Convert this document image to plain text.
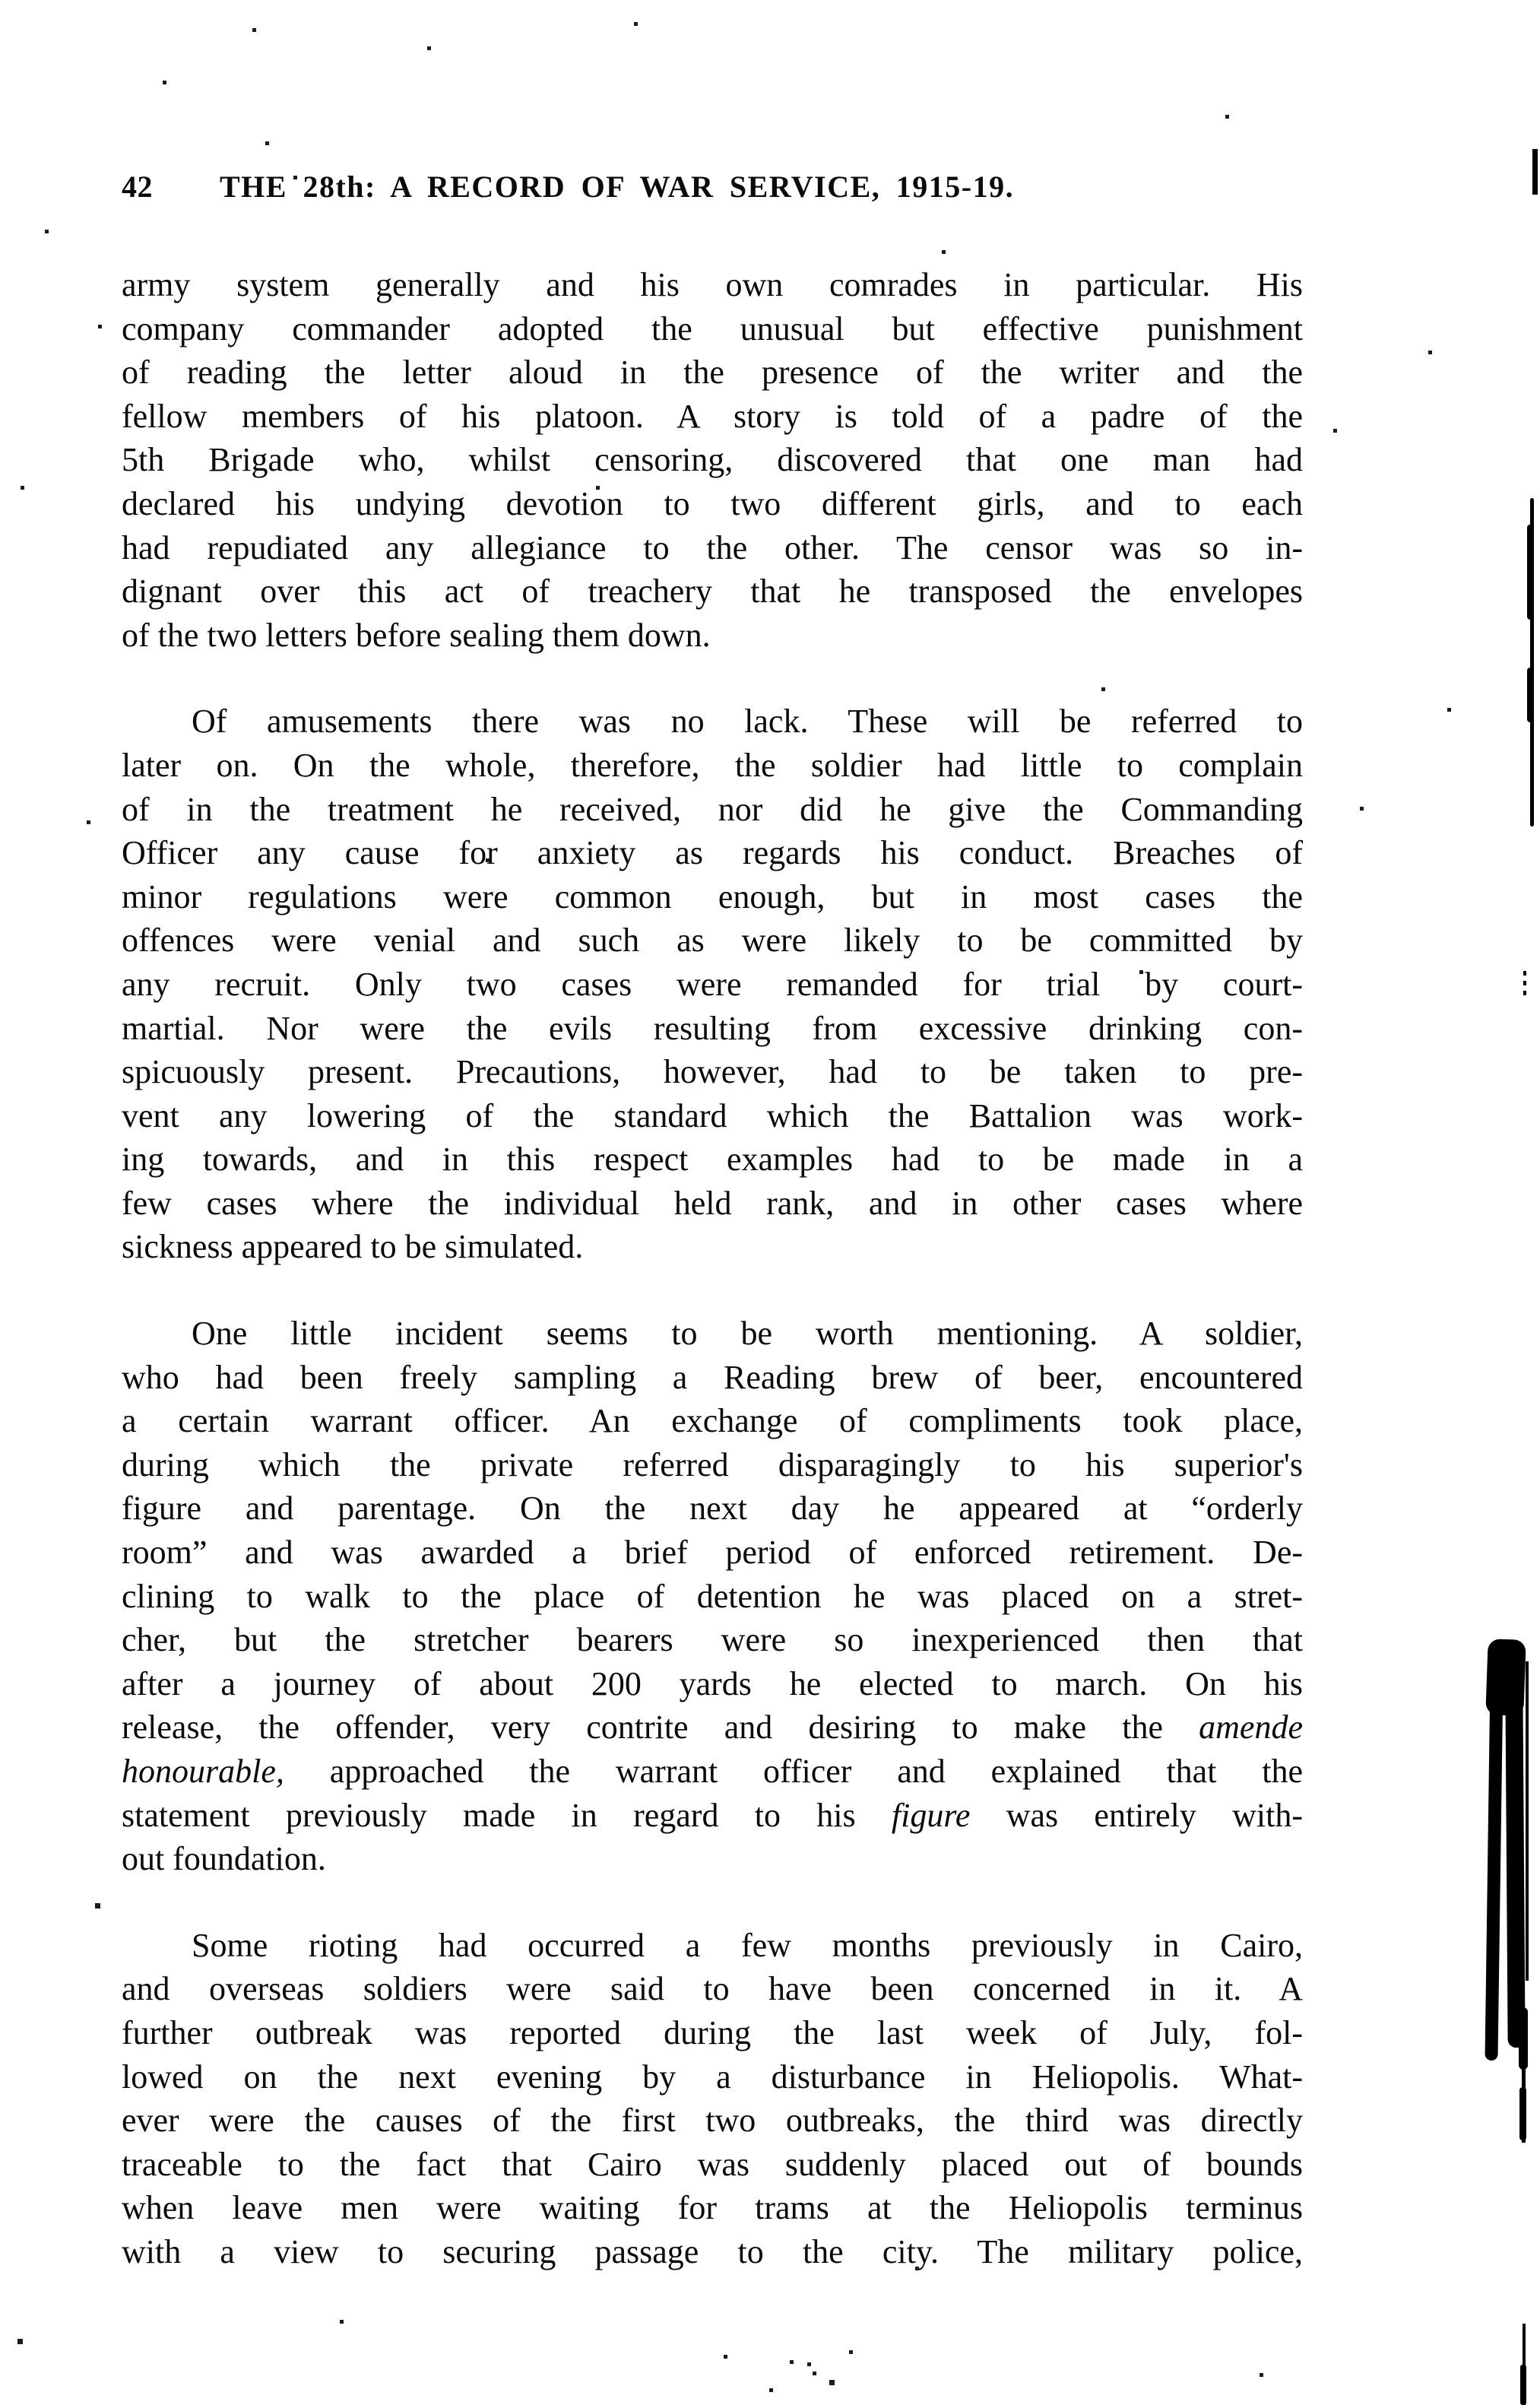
42 THE 28th: A RECORD OF WAR SERVICE, 1915-19.
army system generally and his own comrades in particular. His
company commander adopted the unusual but effective punishment
of reading the letter aloud in the presence of the writer and the
fellow members of his platoon. A story is told of a padre of the
5th Brigade who, whilst censoring, discovered that one man had
declared his undying devotion to two different girls, and to each
had repudiated any allegiance to the other. The censor was so in-
dignant over this act of treachery that he transposed the envelopes
of the two letters before sealing them down.
Of amusements there was no lack. These will be referred to
later on. On the whole, therefore, the soldier had little to complain
of in the treatment he received, nor did he give the Commanding
Officer any cause for anxiety as regards his conduct. Breaches of
minor regulations were common enough, but in most cases the
offences were venial and such as were likely to be committed by
any recruit. Only two cases were remanded for trial by court-
martial. Nor were the evils resulting from excessive drinking con-
spicuously present. Precautions, however, had to be taken to pre-
vent any lowering of the standard which the Battalion was work-
ing towards, and in this respect examples had to be made in a
few cases where the individual held rank, and in other cases where
sickness appeared to be simulated.
One little incident seems to be worth mentioning. A soldier,
who had been freely sampling a Reading brew of beer, encountered
a certain warrant officer. An exchange of compliments took place,
during which the private referred disparagingly to his superior's
figure and parentage. On the next day he appeared at “orderly
room” and was awarded a brief period of enforced retirement. De-
clining to walk to the place of detention he was placed on a stret-
cher, but the stretcher bearers were so inexperienced then that
after a journey of about 200 yards he elected to march. On his
release, the offender, very contrite and desiring to make the amende
honourable, approached the warrant officer and explained that the
statement previously made in regard to his figure was entirely with-
out foundation.
Some rioting had occurred a few months previously in Cairo,
and overseas soldiers were said to have been concerned in it. A
further outbreak was reported during the last week of July, fol-
lowed on the next evening by a disturbance in Heliopolis. What-
ever were the causes of the first two outbreaks, the third was directly
traceable to the fact that Cairo was suddenly placed out of bounds
when leave men were waiting for trams at the Heliopolis terminus
with a view to securing passage to the city. The military police,
